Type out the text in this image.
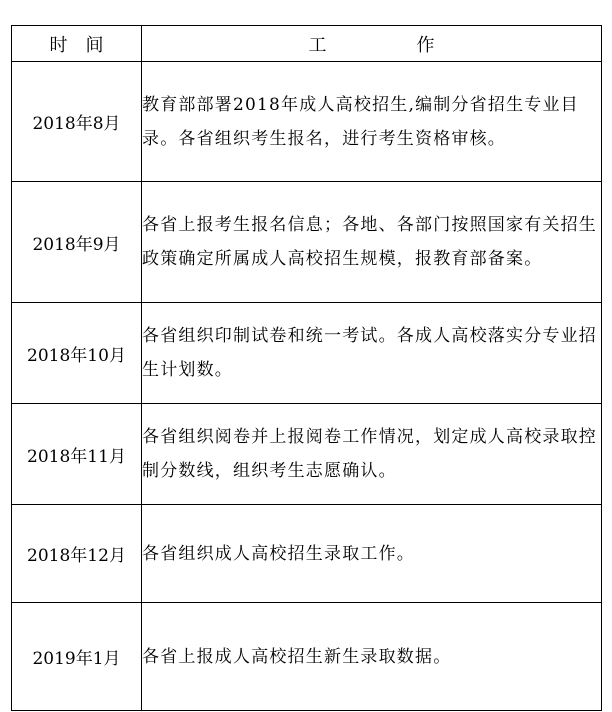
时间	工作
2018年8月	教育部部署2018年成人高校招生,编制分省招生专业目录。各省组织考生报名，进行考生资格审核。
2018年9月	各省上报考生报名信息；各地、各部门按照国家有关招生政策确定所属成人高校招生规模，报教育部备案。
2018年10月	各省组织印制试卷和统一考试。各成人高校落实分专业招生计划数。
2018年11月	各省组织阅卷并上报阅卷工作情况，划定成人高校录取控制分数线，组织考生志愿确认。
2018年12月	各省组织成人高校招生录取工作。
2019年1月	各省上报成人高校招生新生录取数据。
